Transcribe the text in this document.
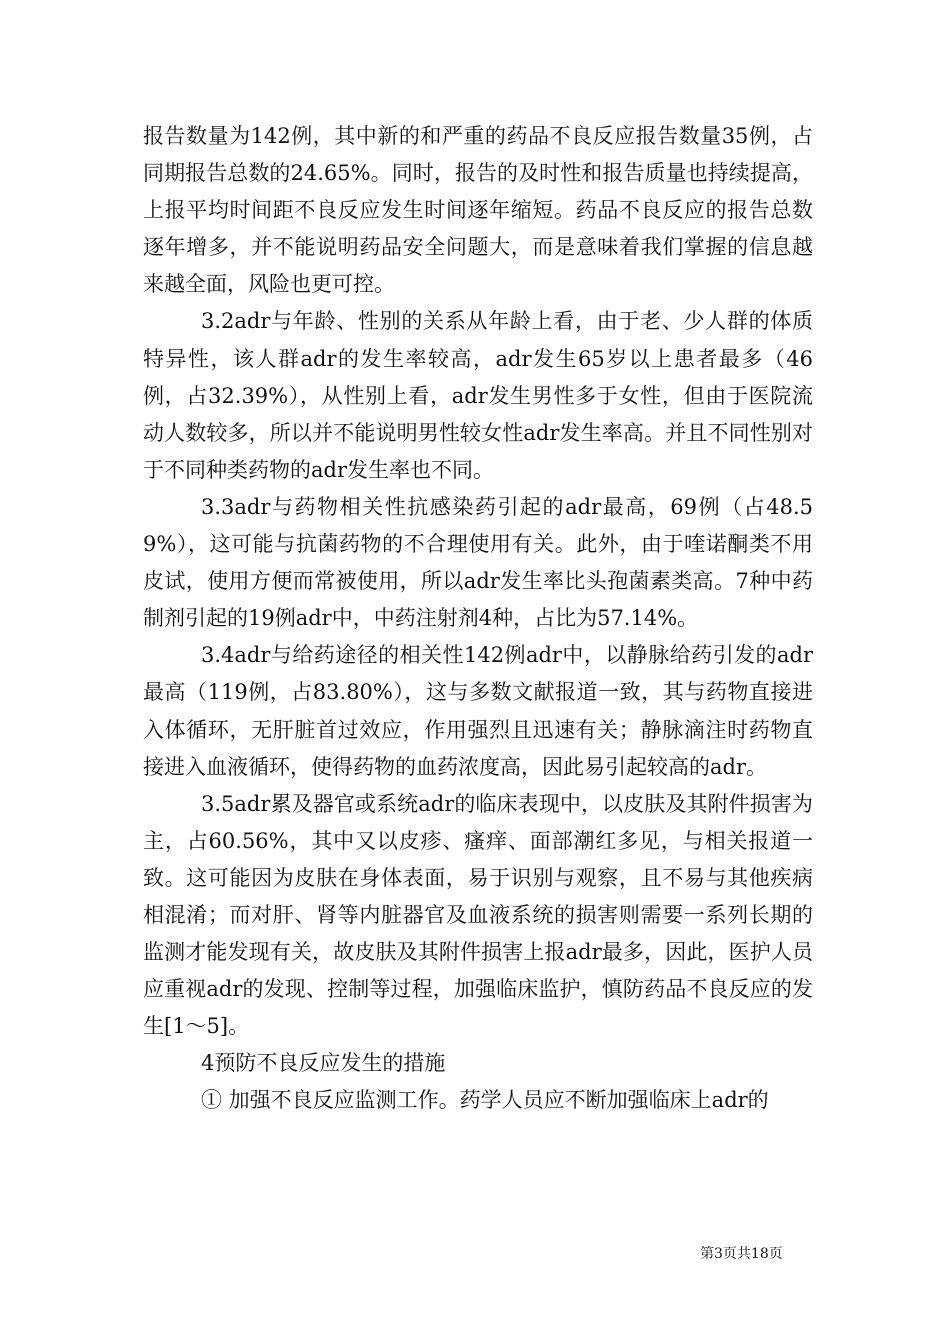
报告数量为142例，其中新的和严重的药品不良反应报告数量35例，占同期报告总数的24.65%。同时，报告的及时性和报告质量也持续提高，上报平均时间距不良反应发生时间逐年缩短。药品不良反应的报告总数逐年增多，并不能说明药品安全问题大，而是意味着我们掌握的信息越来越全面，风险也更可控。

3.2adr与年龄、性别的关系从年龄上看，由于老、少人群的体质特异性，该人群adr的发生率较高，adr发生65岁以上患者最多（46例，占32.39%），从性别上看，adr发生男性多于女性，但由于医院流动人数较多，所以并不能说明男性较女性adr发生率高。并且不同性别对于不同种类药物的adr发生率也不同。

3.3adr与药物相关性抗感染药引起的adr最高，69例（占48.59%），这可能与抗菌药物的不合理使用有关。此外，由于喹诺酮类不用皮试，使用方便而常被使用，所以adr发生率比头孢菌素类高。7种中药制剂引起的19例adr中，中药注射剂4种，占比为57.14%。

3.4adr与给药途径的相关性142例adr中，以静脉给药引发的adr最高（119例，占83.80%），这与多数文献报道一致，其与药物直接进入体循环，无肝脏首过效应，作用强烈且迅速有关；静脉滴注时药物直接进入血液循环，使得药物的血药浓度高，因此易引起较高的adr。

3.5adr累及器官或系统adr的临床表现中，以皮肤及其附件损害为主，占60.56%，其中又以皮疹、瘙痒、面部潮红多见，与相关报道一致。这可能因为皮肤在身体表面，易于识别与观察，且不易与其他疾病相混淆；而对肝、肾等内脏器官及血液系统的损害则需要一系列长期的监测才能发现有关，故皮肤及其附件损害上报adr最多，因此，医护人员应重视adr的发现、控制等过程，加强临床监护，慎防药品不良反应的发生[1～5]。

4预防不良反应发生的措施

① 加强不良反应监测工作。药学人员应不断加强临床上adr的

第3页共18页
